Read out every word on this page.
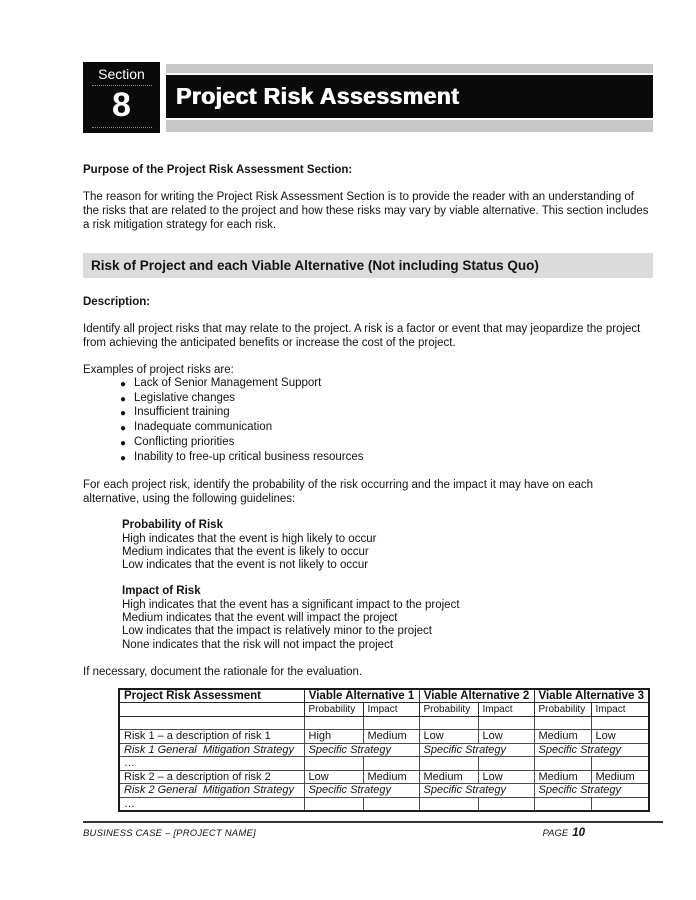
Section
8	Project Risk Assessment
Purpose of the Project Risk Assessment Section:
The reason for writing the Project Risk Assessment Section is to provide the reader with an understanding of the risks that are related to the project and how these risks may vary by viable alternative. This section includes a risk mitigation strategy for each risk.
Risk of Project and each Viable Alternative (Not including Status Quo)
Description:
Identify all project risks that may relate to the project. A risk is a factor or event that may jeopardize the project from achieving the anticipated benefits or increase the cost of the project.
Examples of project risks are:
● Lack of Senior Management Support
● Legislative changes
● Insufficient training
● Inadequate communication
● Conflicting priorities
● Inability to free-up critical business resources
For each project risk, identify the probability of the risk occurring and the impact it may have on each alternative, using the following guidelines:
Probability of Risk
High indicates that the event is high likely to occur
Medium indicates that the event is likely to occur
Low indicates that the event is not likely to occur
Impact of Risk
High indicates that the event has a significant impact to the project
Medium indicates that the event will impact the project
Low indicates that the impact is relatively minor to the project
None indicates that the risk will not impact the project
If necessary, document the rationale for the evaluation.
Project Risk Assessment	Viable Alternative 1		Viable Alternative 2		Viable Alternative 3	
	Probability	Impact	Probability	Impact	Probability	Impact

Risk 1 – a description of risk 1	High	Medium	Low	Low	Medium	Low
Risk 1 General  Mitigation Strategy	Specific Strategy		Specific Strategy		Specific Strategy	
…						
Risk 2 – a description of risk 2	Low	Medium	Medium	Low	Medium	Medium
Risk 2 General  Mitigation Strategy	Specific Strategy		Specific Strategy		Specific Strategy	
…						
BUSINESS CASE – [PROJECT NAME]	PAGE 10
